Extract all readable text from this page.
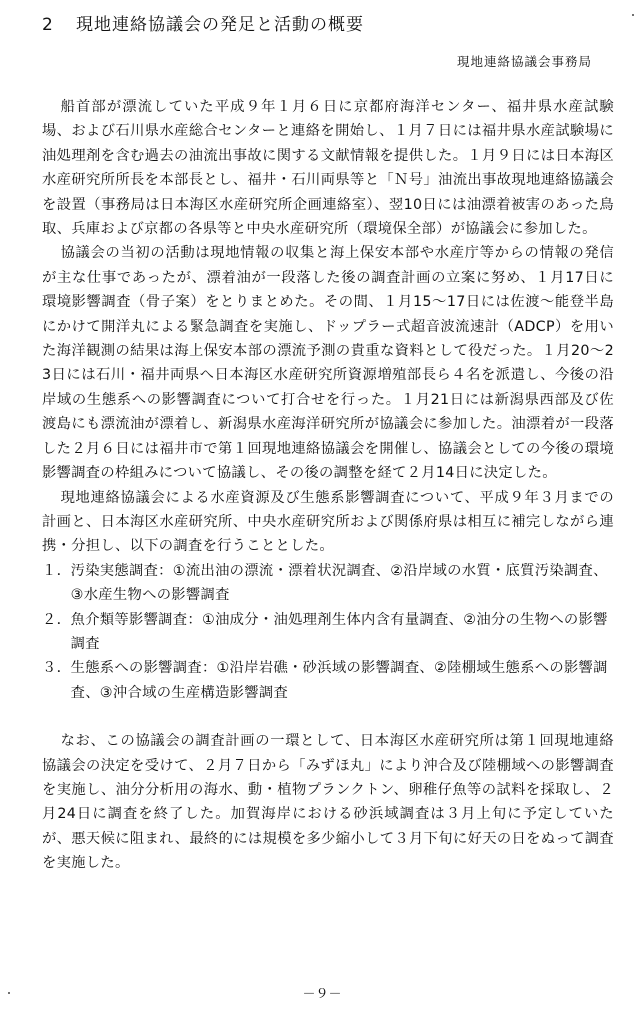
2 現地連絡協議会の発足と活動の概要
現地連絡協議会事務局

船首部が漂流していた平成９年１月６日に京都府海洋センター、福井県水産試験場、および石川県水産総合センターと連絡を開始し、１月７日には福井県水産試験場に油処理剤を含む過去の油流出事故に関する文献情報を提供した。１月９日には日本海区水産研究所所長を本部長とし、福井・石川両県等と「Ｎ号」油流出事故現地連絡協議会を設置（事務局は日本海区水産研究所企画連絡室）、翌10日には油漂着被害のあった鳥取、兵庫および京都の各県等と中央水産研究所（環境保全部）が協議会に参加した。

協議会の当初の活動は現地情報の収集と海上保安本部や水産庁等からの情報の発信が主な仕事であったが、漂着油が一段落した後の調査計画の立案に努め、１月17日に環境影響調査（骨子案）をとりまとめた。その間、１月15～17日には佐渡～能登半島にかけて開洋丸による緊急調査を実施し、ドップラー式超音波流速計（ADCP）を用いた海洋観測の結果は海上保安本部の漂流予測の貴重な資料として役だった。１月20～23日には石川・福井両県へ日本海区水産研究所資源増殖部長ら４名を派遣し、今後の沿岸域の生態系への影響調査について打合せを行った。１月21日には新潟県西部及び佐渡島にも漂流油が漂着し、新潟県水産海洋研究所が協議会に参加した。油漂着が一段落した２月６日には福井市で第１回現地連絡協議会を開催し、協議会としての今後の環境影響調査の枠組みについて協議し、その後の調整を経て２月14日に決定した。

現地連絡協議会による水産資源及び生態系影響調査について、平成９年３月までの計画と、日本海区水産研究所、中央水産研究所および関係府県は相互に補完しながら連携・分担し、以下の調査を行うこととした。

１．汚染実態調査：①流出油の漂流・漂着状況調査、②沿岸域の水質・底質汚染調査、③水産生物への影響調査
２．魚介類等影響調査：①油成分・油処理剤生体内含有量調査、②油分の生物への影響調査
３．生態系への影響調査：①沿岸岩礁・砂浜域の影響調査、②陸棚域生態系への影響調査、③沖合域の生産構造影響調査

なお、この協議会の調査計画の一環として、日本海区水産研究所は第１回現地連絡協議会の決定を受けて、２月７日から「みずほ丸」により沖合及び陸棚域への影響調査を実施し、油分分析用の海水、動・植物プランクトン、卵稚仔魚等の試料を採取し、２月24日に調査を終了した。加賀海岸における砂浜域調査は３月上旬に予定していたが、悪天候に阻まれ、最終的には規模を多少縮小して３月下旬に好天の日をぬって調査を実施した。

－９－
